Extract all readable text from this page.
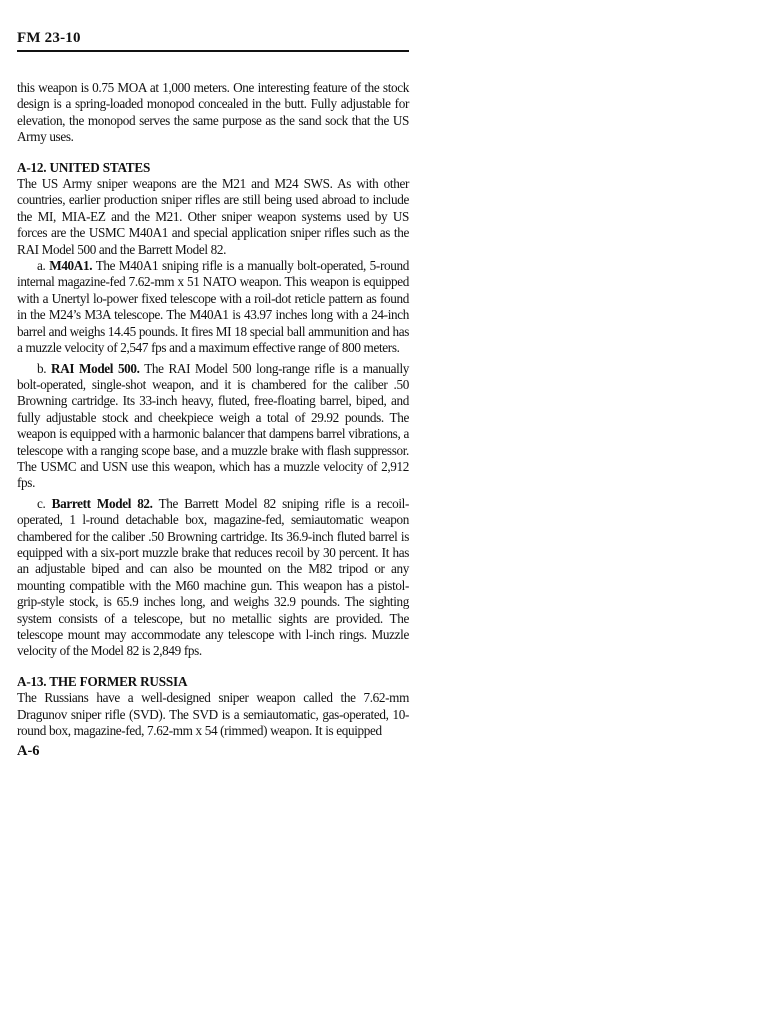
FM 23-10

this weapon is 0.75 MOA at 1,000 meters. One interesting feature of the stock design is a spring-loaded monopod concealed in the butt. Fully adjustable for elevation, the monopod serves the same purpose as the sand sock that the US Army uses.

A-12. UNITED STATES

The US Army sniper weapons are the M21 and M24 SWS. As with other countries, earlier production sniper rifles are still being used abroad to include the MI, MIA-EZ and the M21. Other sniper weapon systems used by US forces are the USMC M40A1 and special application sniper rifles such as the RAI Model 500 and the Barrett Model 82.

a. M40A1. The M40A1 sniping rifle is a manually bolt-operated, 5-round internal magazine-fed 7.62-mm x 51 NATO weapon. This weapon is equipped with a Unertyl lo-power fixed telescope with a roil-dot reticle pattern as found in the M24’s M3A telescope. The M40A1 is 43.97 inches long with a 24-inch barrel and weighs 14.45 pounds. It fires MI 18 special ball ammunition and has a muzzle velocity of 2,547 fps and a maximum effective range of 800 meters.

b. RAI Model 500. The RAI Model 500 long-range rifle is a manually bolt-operated, single-shot weapon, and it is chambered for the caliber .50 Browning cartridge. Its 33-inch heavy, fluted, free-floating barrel, biped, and fully adjustable stock and cheekpiece weigh a total of 29.92 pounds. The weapon is equipped with a harmonic balancer that dampens barrel vibrations, a telescope with a ranging scope base, and a muzzle brake with flash suppressor. The USMC and USN use this weapon, which has a muzzle velocity of 2,912 fps.

c. Barrett Model 82. The Barrett Model 82 sniping rifle is a recoil-operated, 1 l-round detachable box, magazine-fed, semiautomatic weapon chambered for the caliber .50 Browning cartridge. Its 36.9-inch fluted barrel is equipped with a six-port muzzle brake that reduces recoil by 30 percent. It has an adjustable biped and can also be mounted on the M82 tripod or any mounting compatible with the M60 machine gun. This weapon has a pistol-grip-style stock, is 65.9 inches long, and weighs 32.9 pounds. The sighting system consists of a telescope, but no metallic sights are provided. The telescope mount may accommodate any telescope with l-inch rings. Muzzle velocity of the Model 82 is 2,849 fps.

A-13. THE FORMER RUSSIA

The Russians have a well-designed sniper weapon called the 7.62-mm Dragunov sniper rifle (SVD). The SVD is a semiautomatic, gas-operated, 10-round box, magazine-fed, 7.62-mm x 54 (rimmed) weapon. It is equipped

A-6
